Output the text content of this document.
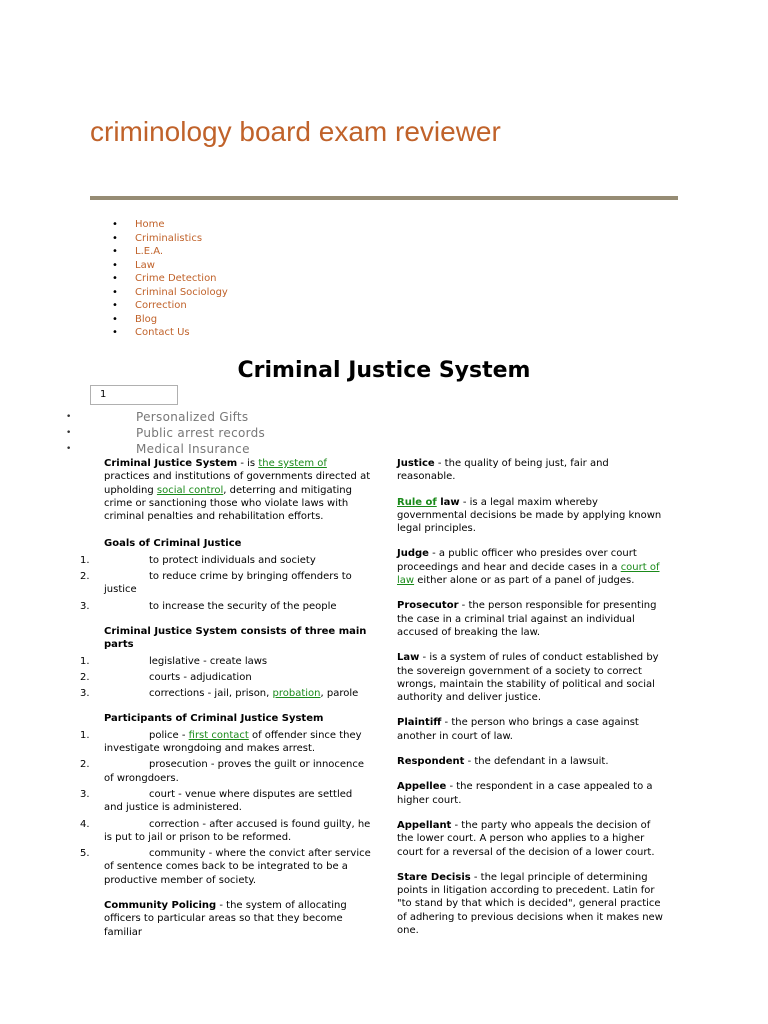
criminology board exam reviewer
• Home
• Criminalistics
• L.E.A.
• Law
• Crime Detection
• Criminal Sociology
• Correction
• Blog
• Contact Us
Criminal Justice System
1
• Personalized Gifts
• Public arrest records
• Medical Insurance

Criminal Justice System - is the system of practices and institutions of governments directed at upholding social control, deterring and mitigating crime or sanctioning those who violate laws with criminal penalties and rehabilitation efforts.

Goals of Criminal Justice

1.	to protect individuals and society
2.	to reduce crime by bringing offenders to justice
3.	to increase the security of the people

Criminal Justice System consists of three main parts

1.	legislative - create laws
2.	courts - adjudication
3.	corrections - jail, prison, probation, parole

Participants of Criminal Justice System

1.	police - first contact of offender since they investigate wrongdoing and makes arrest.
2.	prosecution - proves the guilt or innocence of wrongdoers.
3.	court - venue where disputes are settled and justice is administered.
4.	correction - after accused is found guilty, he is put to jail or prison to be reformed.
5.	community - where the convict after service of sentence comes back to be integrated to be a productive member of society.

Community Policing - the system of allocating officers to particular areas so that they become familiar

Justice - the quality of being just, fair and reasonable.

Rule of law - is a legal maxim whereby governmental decisions be made by applying known legal principles.

Judge - a public officer who presides over court proceedings and hear and decide cases in a court of law either alone or as part of a panel of judges.

Prosecutor - the person responsible for presenting the case in a criminal trial against an individual accused of breaking the law.

Law - is a system of rules of conduct established by the sovereign government of a society to correct wrongs, maintain the stability of political and social authority and deliver justice.

Plaintiff - the person who brings a case against another in court of law.

Respondent - the defendant in a lawsuit.

Appellee - the respondent in a case appealed to a higher court.

Appellant - the party who appeals the decision of the lower court. A person who applies to a higher court for a reversal of the decision of a lower court.

Stare Decisis - the legal principle of determining points in litigation according to precedent. Latin for "to stand by that which is decided", general practice of adhering to previous decisions when it makes new one.
